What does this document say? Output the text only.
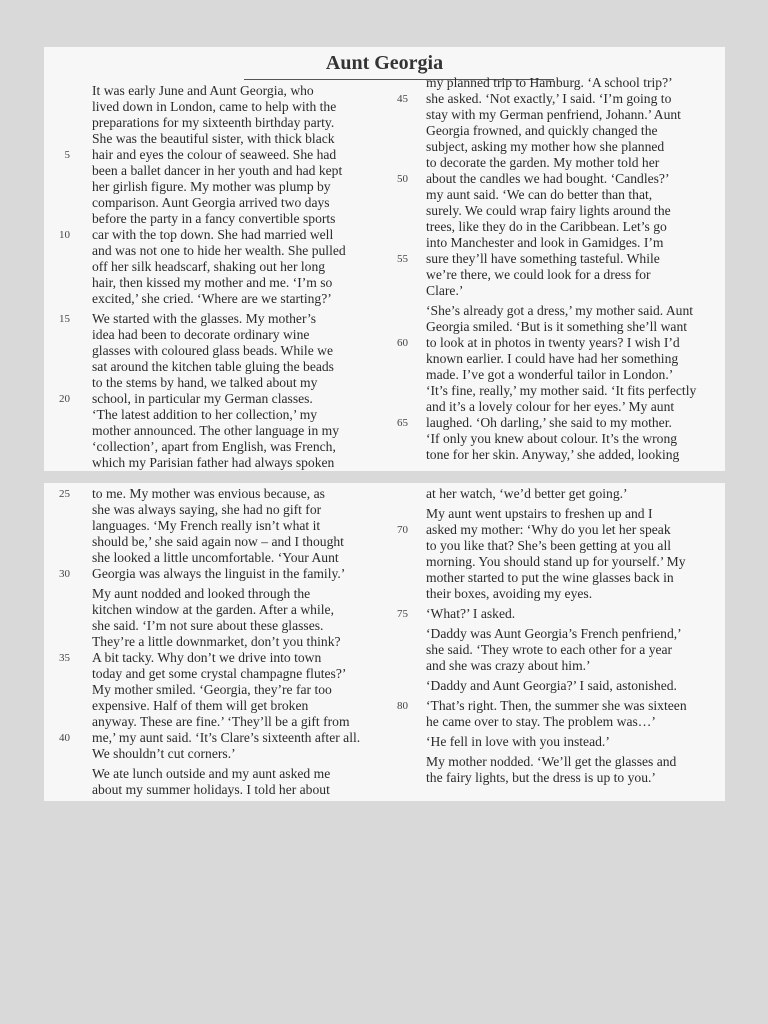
Aunt Georgia
It was early June and Aunt Georgia, who
lived down in London, came to help with the
preparations for my sixteenth birthday party.
She was the beautiful sister, with thick black
hair and eyes the colour of seaweed. She had
been a ballet dancer in her youth and had kept
her girlish figure. My mother was plump by
comparison. Aunt Georgia arrived two days
before the party in a fancy convertible sports
car with the top down. She had married well
and was not one to hide her wealth. She pulled
off her silk headscarf, shaking out her long
hair, then kissed my mother and me. ‘I’m so
excited,’ she cried. ‘Where are we starting?’
We started with the glasses. My mother’s
idea had been to decorate ordinary wine
glasses with coloured glass beads. While we
sat around the kitchen table gluing the beads
to the stems by hand, we talked about my
school, in particular my German classes.
‘The latest addition to her collection,’ my
mother announced. The other language in my
‘collection’, apart from English, was French,
which my Parisian father had always spoken
5
10
15
20
my planned trip to Hamburg. ‘A school trip?’
she asked. ‘Not exactly,’ I said. ‘I’m going to
stay with my German penfriend, Johann.’ Aunt
Georgia frowned, and quickly changed the
subject, asking my mother how she planned
to decorate the garden. My mother told her
about the candles we had bought. ‘Candles?’
my aunt said. ‘We can do better than that,
surely. We could wrap fairy lights around the
trees, like they do in the Caribbean. Let’s go
into Manchester and look in Gamidges. I’m
sure they’ll have something tasteful. While
we’re there, we could look for a dress for
Clare.’
‘She’s already got a dress,’ my mother said. Aunt
Georgia smiled. ‘But is it something she’ll want
to look at in photos in twenty years? I wish I’d
known earlier. I could have had her something
made. I’ve got a wonderful tailor in London.’
‘It’s fine, really,’ my mother said. ‘It fits perfectly
and it’s a lovely colour for her eyes.’ My aunt
laughed. ‘Oh darling,’ she said to my mother.
‘If only you knew about colour. It’s the wrong
tone for her skin. Anyway,’ she added, looking
45
50
55
60
65
to me. My mother was envious because, as
she was always saying, she had no gift for
languages. ‘My French really isn’t what it
should be,’ she said again now – and I thought
she looked a little uncomfortable. ‘Your Aunt
Georgia was always the linguist in the family.’
My aunt nodded and looked through the
kitchen window at the garden. After a while,
she said. ‘I’m not sure about these glasses.
They’re a little downmarket, don’t you think?
A bit tacky. Why don’t we drive into town
today and get some crystal champagne flutes?’
My mother smiled. ‘Georgia, they’re far too
expensive. Half of them will get broken
anyway. These are fine.’ ‘They’ll be a gift from
me,’ my aunt said. ‘It’s Clare’s sixteenth after all.
We shouldn’t cut corners.’
We ate lunch outside and my aunt asked me
about my summer holidays. I told her about
25
30
35
40
at her watch, ‘we’d better get going.’
My aunt went upstairs to freshen up and I
asked my mother: ‘Why do you let her speak
to you like that? She’s been getting at you all
morning. You should stand up for yourself.’ My
mother started to put the wine glasses back in
their boxes, avoiding my eyes.
‘What?’ I asked.
‘Daddy was Aunt Georgia’s French penfriend,’
she said. ‘They wrote to each other for a year
and she was crazy about him.’
‘Daddy and Aunt Georgia?’ I said, astonished.
‘That’s right. Then, the summer she was sixteen
he came over to stay. The problem was…’
‘He fell in love with you instead.’
My mother nodded. ‘We’ll get the glasses and
the fairy lights, but the dress is up to you.’
70
75
80
